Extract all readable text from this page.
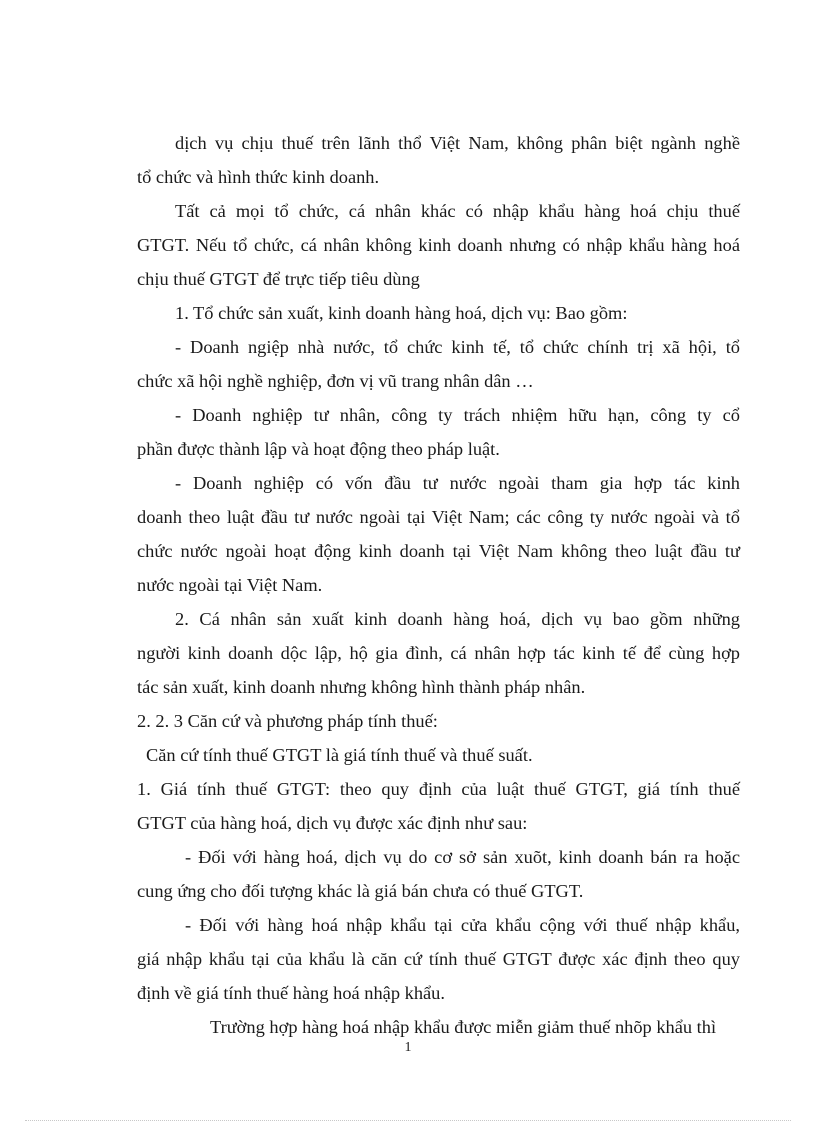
dịch vụ chịu thuế trên lãnh thổ Việt Nam, không phân biệt ngành nghề

tổ chức và hình thức kinh doanh.

Tất cả mọi tổ chức, cá nhân khác có nhập khẩu hàng hoá chịu thuế

GTGT. Nếu tổ chức, cá nhân không kinh doanh nhưng có nhập khẩu hàng hoá

chịu thuế GTGT để trực tiếp tiêu dùng

1. Tổ chức sản xuất, kinh doanh hàng hoá, dịch vụ: Bao gồm:

- Doanh ngiệp nhà nước, tổ chức kinh tế, tổ chức chính trị xã hội, tổ

chức xã hội nghề nghiệp, đơn vị vũ trang nhân dân …

- Doanh nghiệp tư nhân, công ty trách nhiệm hữu hạn, công ty cổ

phần được thành lập và hoạt động theo pháp luật.

- Doanh nghiệp có vốn đầu tư nước ngoài tham gia hợp tác kinh

doanh theo luật đầu tư nước ngoài tại Việt Nam; các công ty nước ngoài và tổ

chức nước ngoài hoạt động kinh doanh tại Việt Nam không theo luật đầu tư

nước ngoài tại Việt Nam.

2. Cá nhân sản xuất kinh doanh hàng hoá, dịch vụ bao gồm những

người kinh doanh dộc lập, hộ gia đình, cá nhân hợp tác kinh tế để cùng hợp

tác sản xuất, kinh doanh nhưng không hình thành pháp nhân.

2. 2. 3 Căn cứ và phương pháp tính thuế:

Căn cứ tính thuế GTGT là giá tính thuế và thuế suất.

1. Giá tính thuế GTGT: theo quy định của luật thuế GTGT, giá tính thuế

GTGT của hàng hoá, dịch vụ được xác định như sau:

- Đối với hàng hoá, dịch vụ do cơ sở sản xuõt, kinh doanh bán ra hoặc

cung ứng cho đối tượng khác là giá bán chưa có thuế GTGT.

- Đối với hàng hoá nhập khẩu tại cửa khẩu cộng với thuế nhập khẩu,

giá nhập khẩu tại của khẩu là căn cứ tính thuế GTGT được xác định theo quy

định về giá tính thuế hàng hoá nhập khẩu.

Trường hợp hàng hoá nhập khẩu được miễn giảm thuế nhõp khẩu thì

1
